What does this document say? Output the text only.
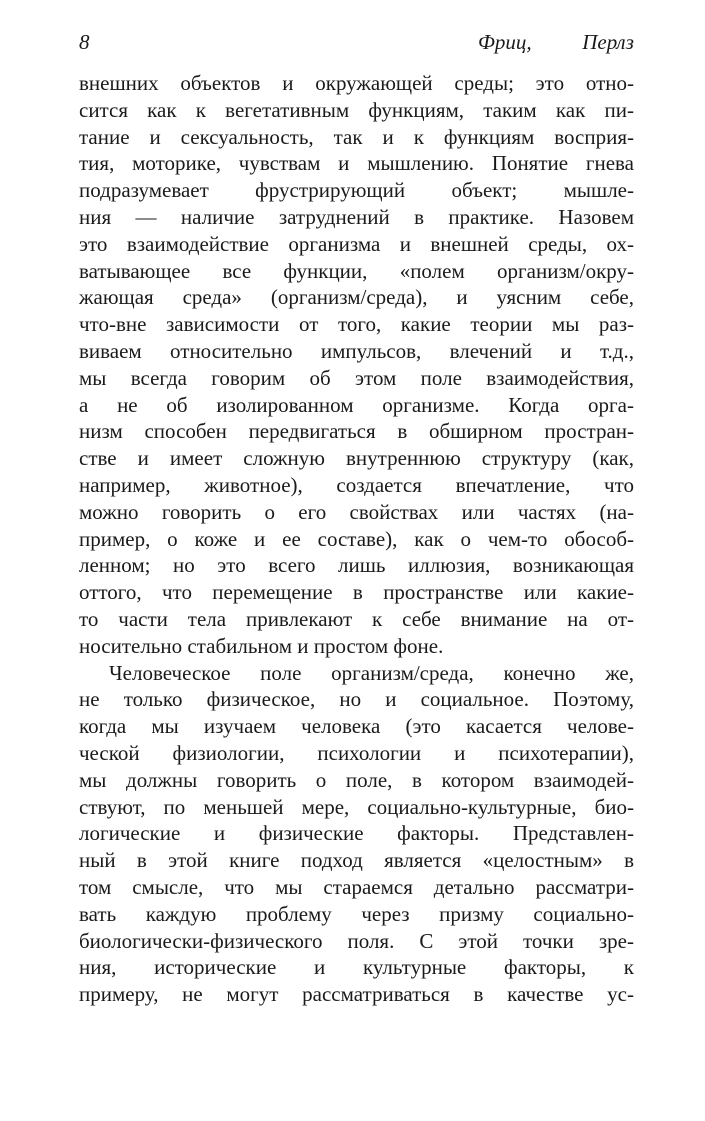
8	Фриц, Перлз
внешних объектов и окружающей среды; это отно-
сится как к вегетативным функциям, таким как пи-
тание и сексуальность, так и к функциям восприя-
тия, моторике, чувствам и мышлению. Понятие гнева
подразумевает фрустрирующий объект; мышле-
ния — наличие затруднений в практике. Назовем
это взаимодействие организма и внешней среды, ох-
ватывающее все функции, «полем организм/окру-
жающая среда» (организм/среда), и уясним себе,
что-вне зависимости от того, какие теории мы раз-
виваем относительно импульсов, влечений и т.д.,
мы всегда говорим об этом поле взаимодействия,
а не об изолированном организме. Когда орга-
низм способен передвигаться в обширном простран-
стве и имеет сложную внутреннюю структуру (как,
например, животное), создается впечатление, что
можно говорить о его свойствах или частях (на-
пример, о коже и ее составе), как о чем-то обособ-
ленном; но это всего лишь иллюзия, возникающая
оттого, что перемещение в пространстве или какие-
то части тела привлекают к себе внимание на от-
носительно стабильном и простом фоне.
Человеческое поле организм/среда, конечно же,
не только физическое, но и социальное. Поэтому,
когда мы изучаем человека (это касается челове-
ческой физиологии, психологии и психотерапии),
мы должны говорить о поле, в котором взаимодей-
ствуют, по меньшей мере, социально-культурные, био-
логические и физические факторы. Представлен-
ный в этой книге подход является «целостным» в
том смысле, что мы стараемся детально рассматри-
вать каждую проблему через призму социально-
биологически-физического поля. С этой точки зре-
ния, исторические и культурные факторы, к
примеру, не могут рассматриваться в качестве ус-
